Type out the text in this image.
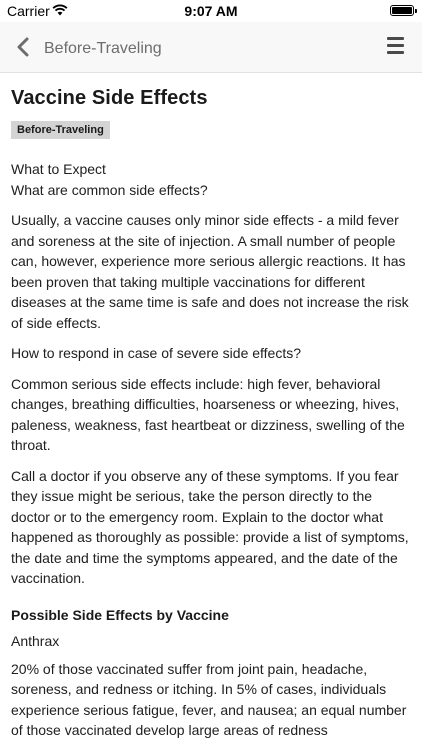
Carrier	9:07 AM
Before-Traveling
Vaccine Side Effects
Before-Traveling
What to Expect
What are common side effects?

Usually, a vaccine causes only minor side effects - a mild fever and soreness at the site of injection. A small number of people can, however, experience more serious allergic reactions. It has been proven that taking multiple vaccinations for different diseases at the same time is safe and does not increase the risk of side effects.

How to respond in case of severe side effects?

Common serious side effects include: high fever, behavioral changes, breathing difficulties, hoarseness or wheezing, hives, paleness, weakness, fast heartbeat or dizziness, swelling of the throat.

Call a doctor if you observe any of these symptoms. If you fear they issue might be serious, take the person directly to the doctor or to the emergency room. Explain to the doctor what happened as thoroughly as possible: provide a list of symptoms, the date and time the symptoms appeared, and the date of the vaccination.

Possible Side Effects by Vaccine
Anthrax

20% of those vaccinated suffer from joint pain, headache, soreness, and redness or itching. In 5% of cases, individuals experience serious fatigue, fever, and nausea; an equal number of those vaccinated develop large areas of redness
